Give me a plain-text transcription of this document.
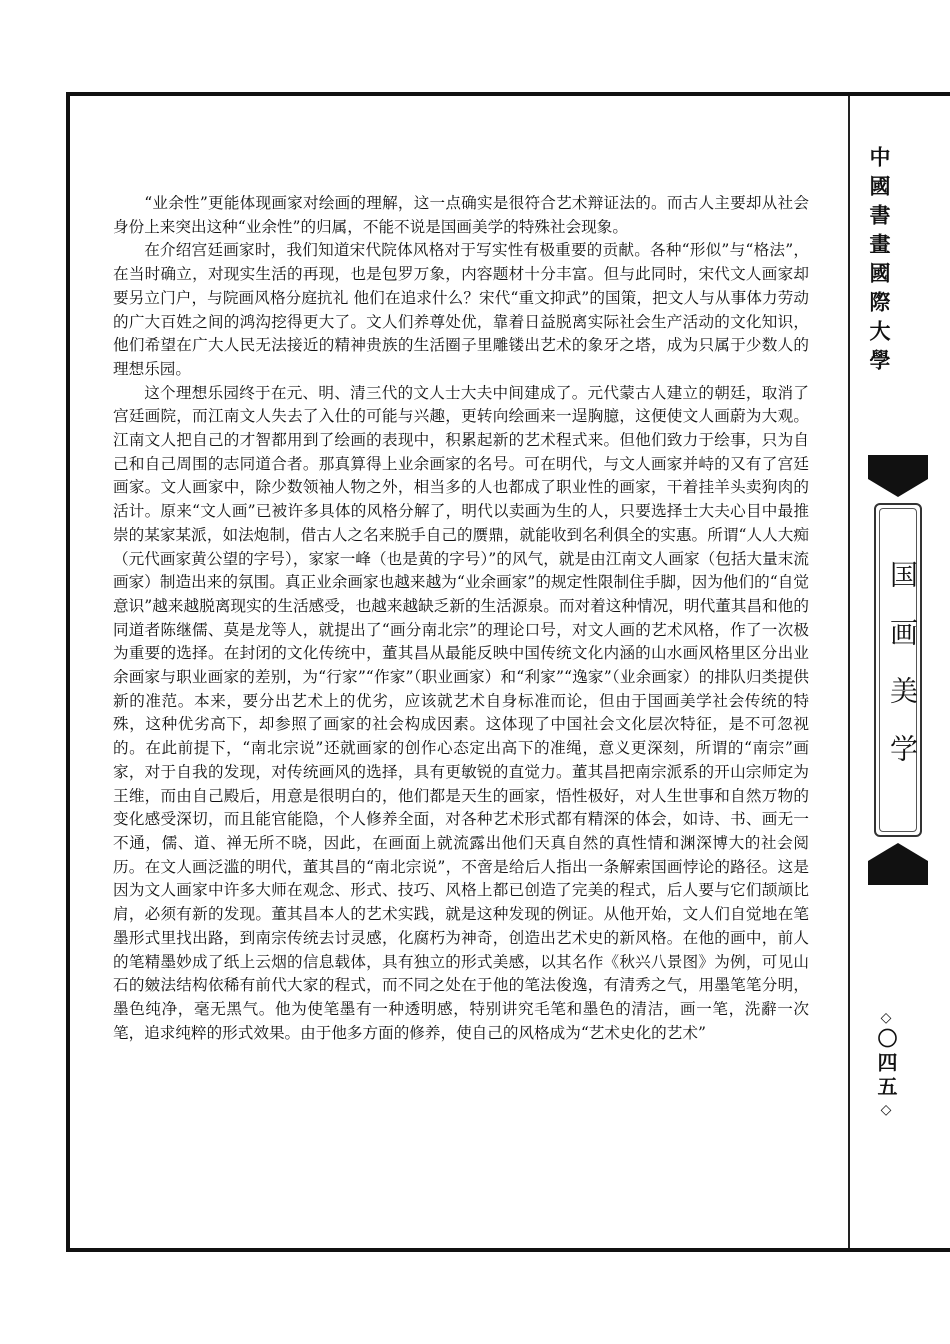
“业余性”更能体现画家对绘画的理解，这一点确实是很符合艺术辩证法的。而古人主要却从社会身份上来突出这种“业余性”的归属，不能不说是国画美学的特殊社会现象。

在介绍宫廷画家时，我们知道宋代院体风格对于写实性有极重要的贡献。各种“形似”与“格法”，在当时确立，对现实生活的再现，也是包罗万象，内容题材十分丰富。但与此同时，宋代文人画家却要另立门户，与院画风格分庭抗礼 他们在追求什么？宋代“重文抑武”的国策，把文人与从事体力劳动的广大百姓之间的鸿沟挖得更大了。文人们养尊处优，靠着日益脱离实际社会生产活动的文化知识，他们希望在广大人民无法接近的精神贵族的生活圈子里雕镂出艺术的象牙之塔，成为只属于少数人的理想乐园。

这个理想乐园终于在元、明、清三代的文人士大夫中间建成了。元代蒙古人建立的朝廷，取消了宫廷画院，而江南文人失去了入仕的可能与兴趣，更转向绘画来一逞胸臆，这便使文人画蔚为大观。江南文人把自己的才智都用到了绘画的表现中，积累起新的艺术程式来。但他们致力于绘事，只为自己和自己周围的志同道合者。那真算得上业余画家的名号。可在明代，与文人画家并峙的又有了宫廷画家。文人画家中，除少数领袖人物之外，相当多的人也都成了职业性的画家，干着挂羊头卖狗肉的活计。原来“文人画”已被许多具体的风格分解了，明代以卖画为生的人，只要选择士大夫心目中最推崇的某家某派，如法炮制，借古人之名来脱手自己的赝鼎，就能收到名利俱全的实惠。所谓“人人大痴（元代画家黄公望的字号），家家一峰（也是黄的字号）”的风气，就是由江南文人画家（包括大量末流画家）制造出来的氛围。真正业余画家也越来越为“业余画家”的规定性限制住手脚，因为他们的“自觉意识”越来越脱离现实的生活感受，也越来越缺乏新的生活源泉。而对着这种情况，明代董其昌和他的同道者陈继儒、莫是龙等人，就提出了“画分南北宗”的理论口号，对文人画的艺术风格，作了一次极为重要的选择。在封闭的文化传统中，董其昌从最能反映中国传统文化内涵的山水画风格里区分出业余画家与职业画家的差别，为“行家”“作家”（职业画家）和“利家”“逸家”（业余画家）的排队归类提供新的准范。本来，要分出艺术上的优劣，应该就艺术自身标准而论，但由于国画美学社会传统的特殊，这种优劣高下，却参照了画家的社会构成因素。这体现了中国社会文化层次特征，是不可忽视的。在此前提下，“南北宗说”还就画家的创作心态定出高下的准绳，意义更深刻，所谓的“南宗”画家，对于自我的发现，对传统画风的选择，具有更敏锐的直觉力。董其昌把南宗派系的开山宗师定为王维，而由自己殿后，用意是很明白的，他们都是天生的画家，悟性极好，对人生世事和自然万物的变化感受深切，而且能官能隐，个人修养全面，对各种艺术形式都有精深的体会，如诗、书、画无一不通，儒、道、禅无所不晓，因此，在画面上就流露出他们天真自然的真性情和渊深博大的社会阅历。在文人画泛滥的明代，董其昌的“南北宗说”，不啻是给后人指出一条解索国画悖论的路径。这是因为文人画家中许多大师在观念、形式、技巧、风格上都已创造了完美的程式，后人要与它们颉颃比肩，必须有新的发现。董其昌本人的艺术实践，就是这种发现的例证。从他开始，文人们自觉地在笔墨形式里找出路，到南宗传统去讨灵感，化腐朽为神奇，创造出艺术史的新风格。在他的画中，前人的笔精墨妙成了纸上云烟的信息载体，具有独立的形式美感，以其名作《秋兴八景图》为例，可见山石的皴法结构依稀有前代大家的程式，而不同之处在于他的笔法俊逸，有清秀之气，用墨笔笔分明，墨色纯净，毫无黑气。他为使笔墨有一种透明感，特别讲究毛笔和墨色的清洁，画一笔，洗辭一次笔，追求纯粹的形式效果。由于他多方面的修养，使自己的风格成为“艺术史化的艺术”

中國書畫國際大學
国画美学
◇
〇四五
◇
